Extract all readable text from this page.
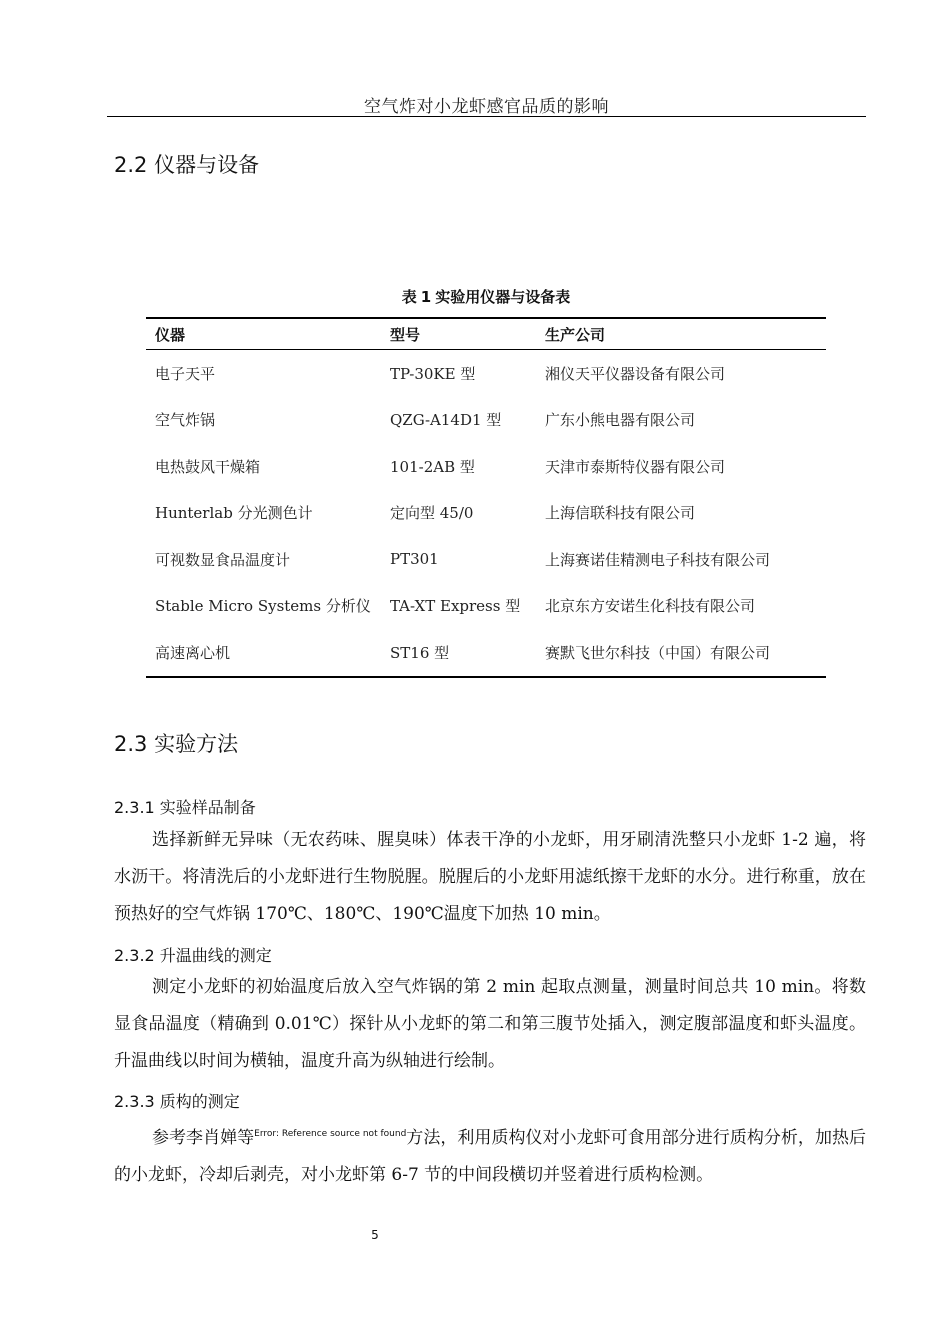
空气炸对小龙虾感官品质的影响
2.2 仪器与设备
表 1 实验用仪器与设备表
仪器	型号	生产公司
电子天平	TP-30KE 型	湘仪天平仪器设备有限公司
空气炸锅	QZG-A14D1 型	广东小熊电器有限公司
电热鼓风干燥箱	101-2AB 型	天津市泰斯特仪器有限公司
Hunterlab 分光测色计	定向型 45/0	上海信联科技有限公司
可视数显食品温度计	PT301	上海赛诺佳精测电子科技有限公司
Stable Micro Systems 分析仪	TA-XT Express 型	北京东方安诺生化科技有限公司
高速离心机	ST16 型	赛默飞世尔科技（中国）有限公司
2.3 实验方法
2.3.1 实验样品制备
选择新鲜无异味（无农药味、腥臭味）体表干净的小龙虾，用牙刷清洗整只小龙虾 1-2 遍，将水沥干。将清洗后的小龙虾进行生物脱腥。脱腥后的小龙虾用滤纸擦干龙虾的水分。进行称重，放在预热好的空气炸锅 170℃、180℃、190℃温度下加热 10 min。
2.3.2 升温曲线的测定
测定小龙虾的初始温度后放入空气炸锅的第 2 min 起取点测量，测量时间总共 10 min。将数显食品温度（精确到 0.01℃）探针从小龙虾的第二和第三腹节处插入，测定腹部温度和虾头温度。升温曲线以时间为横轴，温度升高为纵轴进行绘制。
2.3.3 质构的测定
参考李肖婵等$^{Error: Reference source not found}$方法，利用质构仪对小龙虾可食用部分进行质构分析，加热后的小龙虾，冷却后剥壳，对小龙虾第 6-7 节的中间段横切并竖着进行质构检测。
5
